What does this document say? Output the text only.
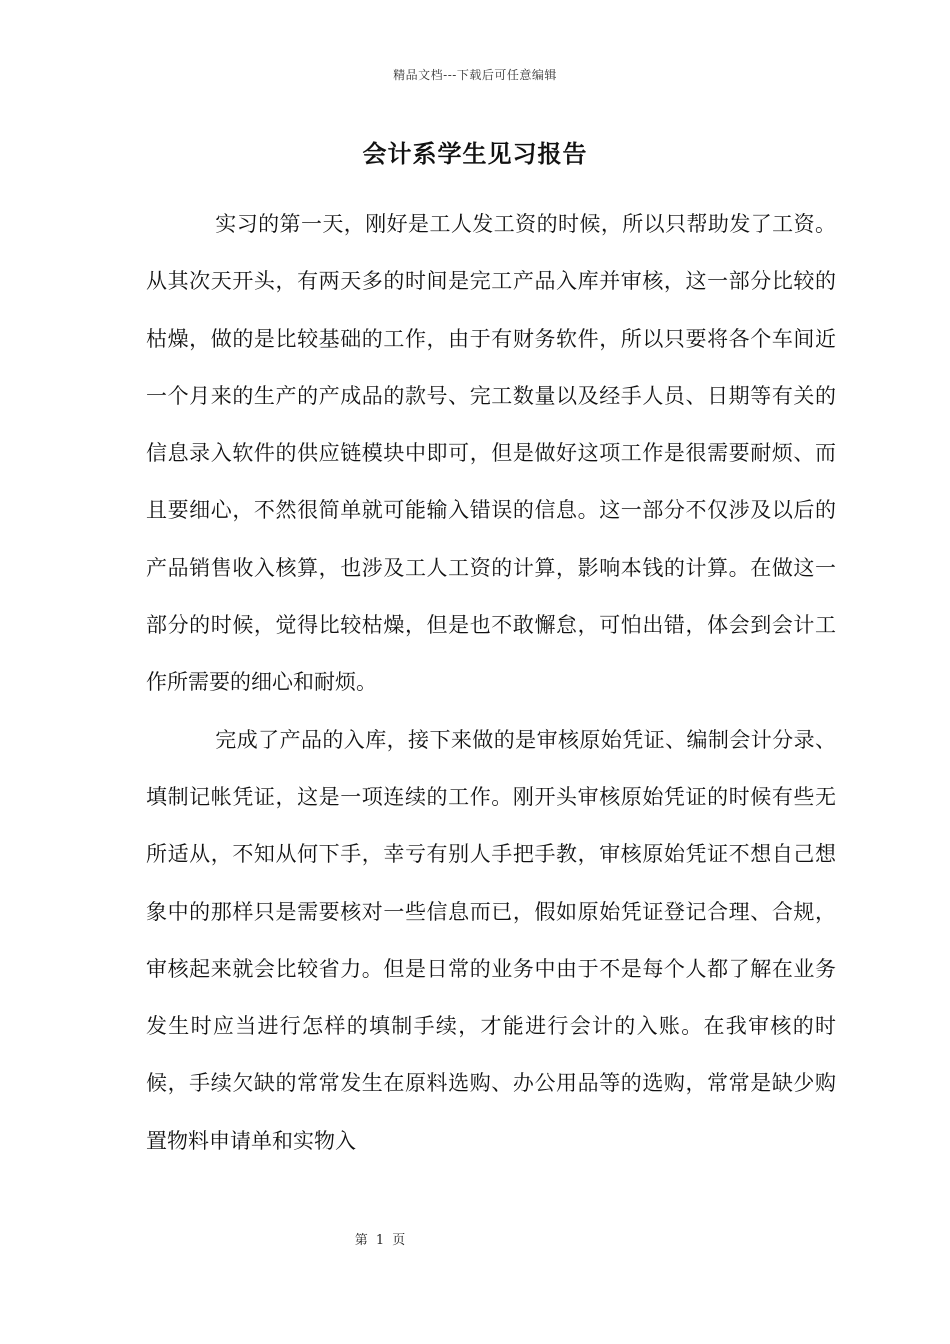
精品文档---下载后可任意编辑
会计系学生见习报告

实习的第一天，刚好是工人发工资的时候，所以只帮助发了工资。从其次天开头，有两天多的时间是完工产品入库并审核，这一部分比较的枯燥，做的是比较基础的工作，由于有财务软件，所以只要将各个车间近一个月来的生产的产成品的款号、完工数量以及经手人员、日期等有关的信息录入软件的供应链模块中即可，但是做好这项工作是很需要耐烦、而且要细心，不然很简单就可能输入错误的信息。这一部分不仅涉及以后的产品销售收入核算，也涉及工人工资的计算，影响本钱的计算。在做这一部分的时候，觉得比较枯燥，但是也不敢懈怠，可怕出错，体会到会计工作所需要的细心和耐烦。

完成了产品的入库，接下来做的是审核原始凭证、编制会计分录、填制记帐凭证，这是一项连续的工作。刚开头审核原始凭证的时候有些无所适从，不知从何下手，幸亏有别人手把手教，审核原始凭证不想自己想象中的那样只是需要核对一些信息而已，假如原始凭证登记合理、合规，审核起来就会比较省力。但是日常的业务中由于不是每个人都了解在业务发生时应当进行怎样的填制手续，才能进行会计的入账。在我审核的时候，手续欠缺的常常发生在原料选购、办公用品等的选购，常常是缺少购置物料申请单和实物入

第 1 页
